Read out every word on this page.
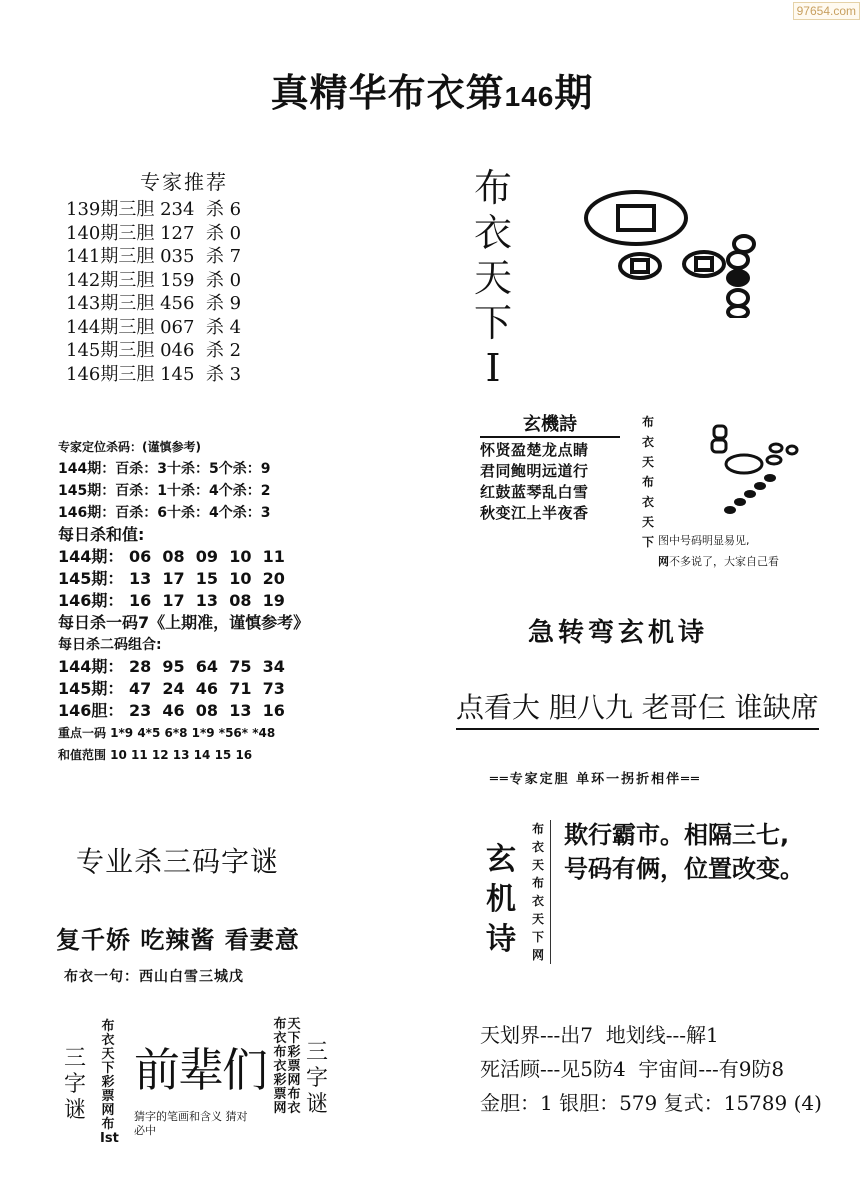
97654.com
真精华布衣第146期
专家推荐
139期三胆 234  杀 6
140期三胆 127  杀 0
141期三胆 035  杀 7
142期三胆 159  杀 0
143期三胆 456  杀 9
144期三胆 067  杀 4
145期三胆 046  杀 2
146期三胆 145  杀 3
专家定位杀码：(谨慎参考)
144期：百杀：3十杀：5个杀：9
145期：百杀：1十杀：4个杀：2
146期：百杀：6十杀：4个杀：3
每日杀和值:
144期： 06  08  09  10  11
145期： 13  17  15  10  20
146期： 16  17  13  08  19
每日杀一码7《上期准，谨慎参考》
每日杀二码组合:
144期： 28  95  64  75  34
145期： 47  24  46  71  73
146胆： 23  46  08  13  16
重点一码 1*9 4*5 6*8 1*9 *56* *48
和值范围 10 11 12 13 14 15 16
布
衣
天
下
I
玄機詩
怀贤盈楚龙点睛
君同鲍明远道行
红鼓蓝琴乱白雪
秋变江上半夜香
布
衣
天
布
衣
天
下 图中号码明显易见,
网不多说了，大家自己看
急转弯玄机诗
点看大 胆八九 老哥仨 谁缺席
══专家定胆 单环一拐折相伴══
玄
机
诗
布
衣
天
布
衣
天
下
网
欺行霸市。相隔三七,
号码有俩，位置改变。
天划界---出7  地划线---解1
死活顾---见5防4  宇宙间---有9防8
金胆：1 银胆：579 复式：15789 (4)
专业杀三码字谜
复千娇 吃辣酱 看妻意
布衣一句：西山白雪三城戊
三
字
谜
三
字
谜
布
衣
天
下
彩
票
网
布
Ⅰst
布
衣
布
衣
彩
票
网
天
下
彩
票
网
布
衣
前辈们
猜字的笔画和含义 猜对必中
